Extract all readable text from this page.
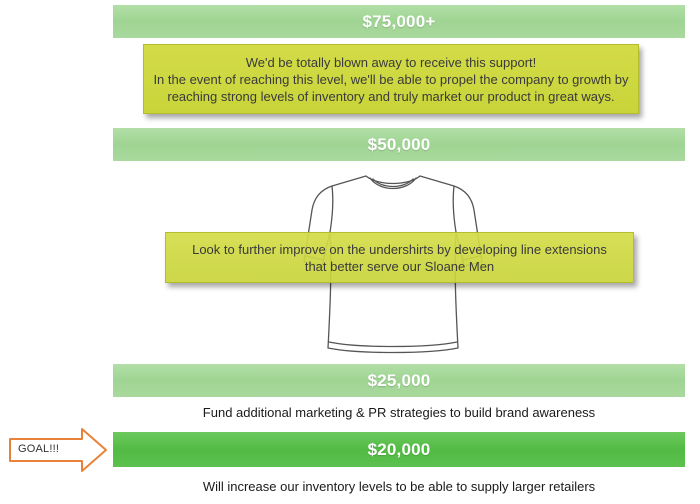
$75,000+
We'd be totally blown away to receive this support!
In the event of reaching this level, we'll be able to propel the company to growth by
reaching strong levels of inventory and truly market our product in great ways.
$50,000
Look to further improve on the undershirts by developing line extensions
that better serve our Sloane Men
$25,000
Fund additional marketing & PR strategies to build brand awareness
GOAL!!!	$20,000
Will increase our inventory levels to be able to supply larger retailers
